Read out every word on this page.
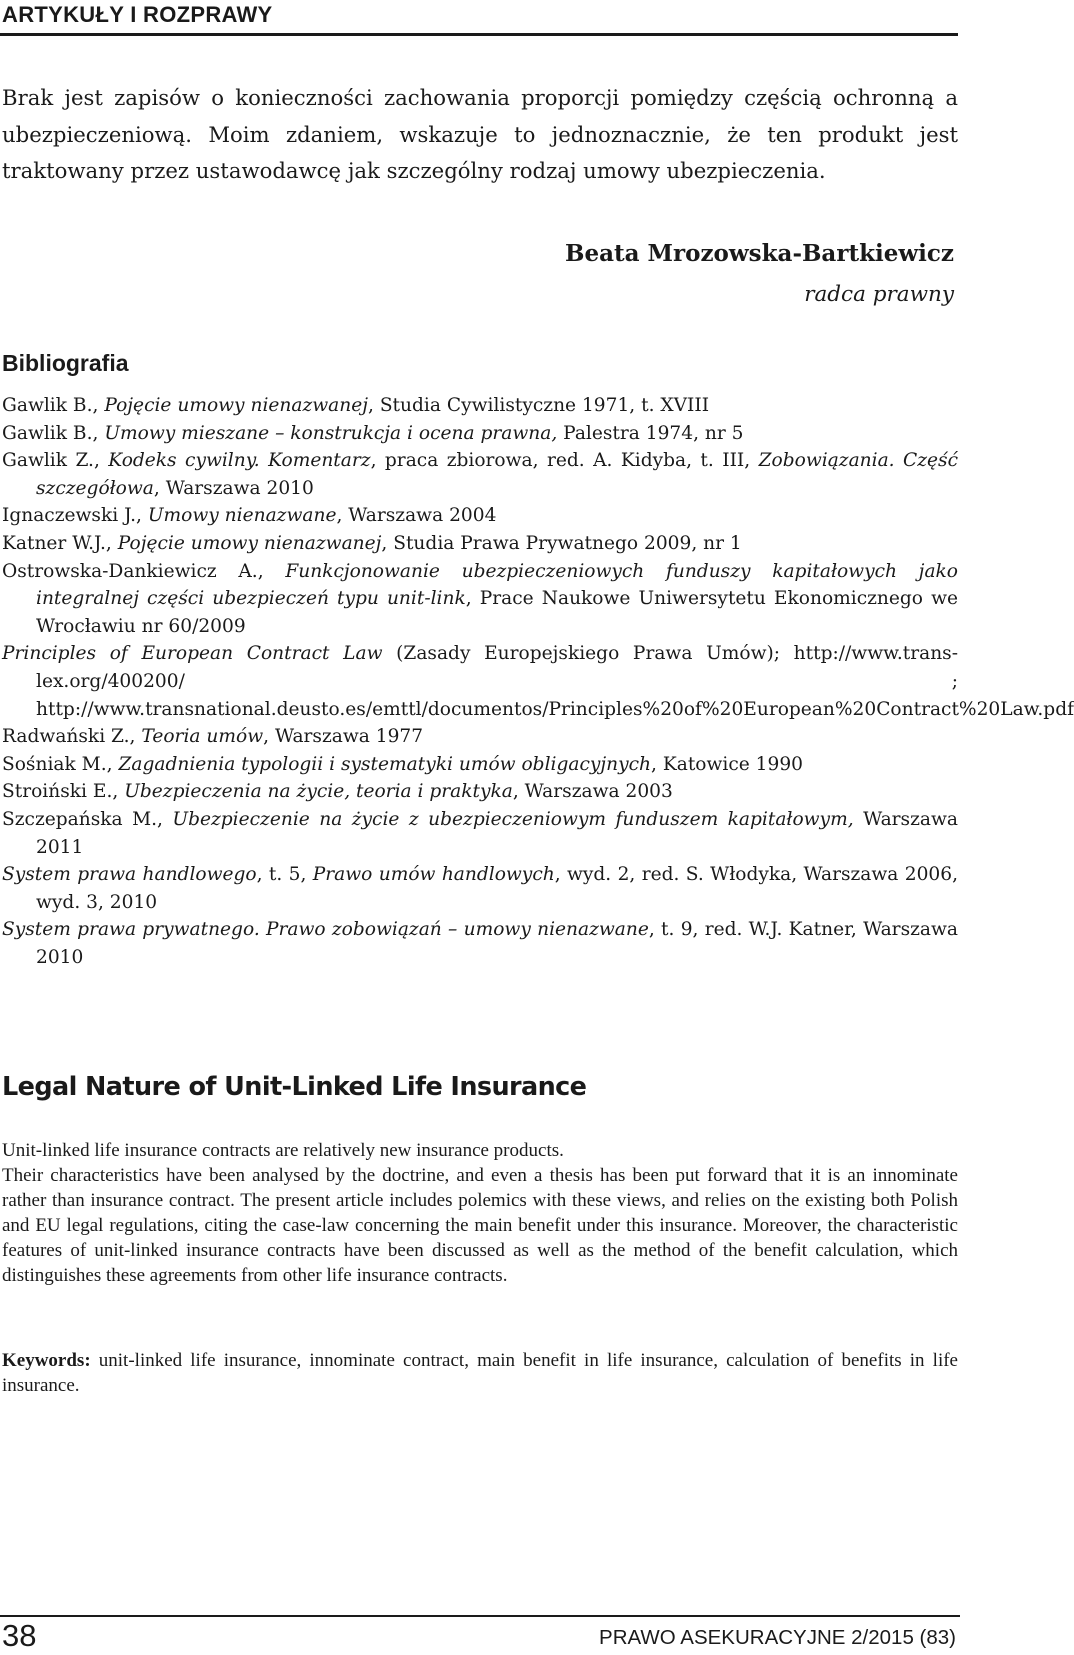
ARTYKUŁY I ROZPRAWY
Brak jest zapisów o konieczności zachowania proporcji pomiędzy częścią ochronną a ubezpieczeniową. Moim zdaniem, wskazuje to jednoznacznie, że ten produkt jest traktowany przez ustawodawcę jak szczególny rodzaj umowy ubezpieczenia.
Beata Mrozowska-Bartkiewicz
radca prawny
Bibliografia

Gawlik B., Pojęcie umowy nienazwanej, Studia Cywilistyczne 1971, t. XVIII

Gawlik B., Umowy mieszane – konstrukcja i ocena prawna, Palestra 1974, nr 5

Gawlik Z., Kodeks cywilny. Komentarz, praca zbiorowa, red. A. Kidyba, t. III, Zobowiązania. Część szczegółowa, Warszawa 2010

Ignaczewski J., Umowy nienazwane, Warszawa 2004

Katner W.J., Pojęcie umowy nienazwanej, Studia Prawa Prywatnego 2009, nr 1

Ostrowska-Dankiewicz A., Funkcjonowanie ubezpieczeniowych funduszy kapitałowych jako integralnej części ubezpieczeń typu unit-link, Prace Naukowe Uniwersytetu Ekonomicznego we Wrocławiu nr 60/2009

Principles of European Contract Law (Zasady Europejskiego Prawa Umów); http://www.trans-lex.org/400200/ ; http://www.transnational.deusto.es/emttl/documentos/Principles%20of%20European%20Contract%20Law.pdf

Radwański Z., Teoria umów, Warszawa 1977

Sośniak M., Zagadnienia typologii i systematyki umów obligacyjnych, Katowice 1990

Stroiński E., Ubezpieczenia na życie, teoria i praktyka, Warszawa 2003

Szczepańska M., Ubezpieczenie na życie z ubezpieczeniowym funduszem kapitałowym, Warszawa 2011

System prawa handlowego, t. 5, Prawo umów handlowych, wyd. 2, red. S. Włodyka, Warszawa 2006, wyd. 3, 2010

System prawa prywatnego. Prawo zobowiązań – umowy nienazwane, t. 9, red. W.J. Katner, Warszawa 2010

Legal Nature of Unit-Linked Life Insurance

Unit-linked life insurance contracts are relatively new insurance products.

Their characteristics have been analysed by the doctrine, and even a thesis has been put forward that it is an innominate rather than insurance contract. The present article includes polemics with these views, and relies on the existing both Polish and EU legal regulations, citing the case-law concerning the main benefit under this insurance. Moreover, the characteristic features of unit-linked insurance contracts have been discussed as well as the method of the benefit calculation, which distinguishes these agreements from other life insurance contracts.

Keywords: unit-linked life insurance, innominate contract, main benefit in life insurance, calculation of benefits in life insurance.
38	PRAWO ASEKURACYJNE 2/2015 (83)
